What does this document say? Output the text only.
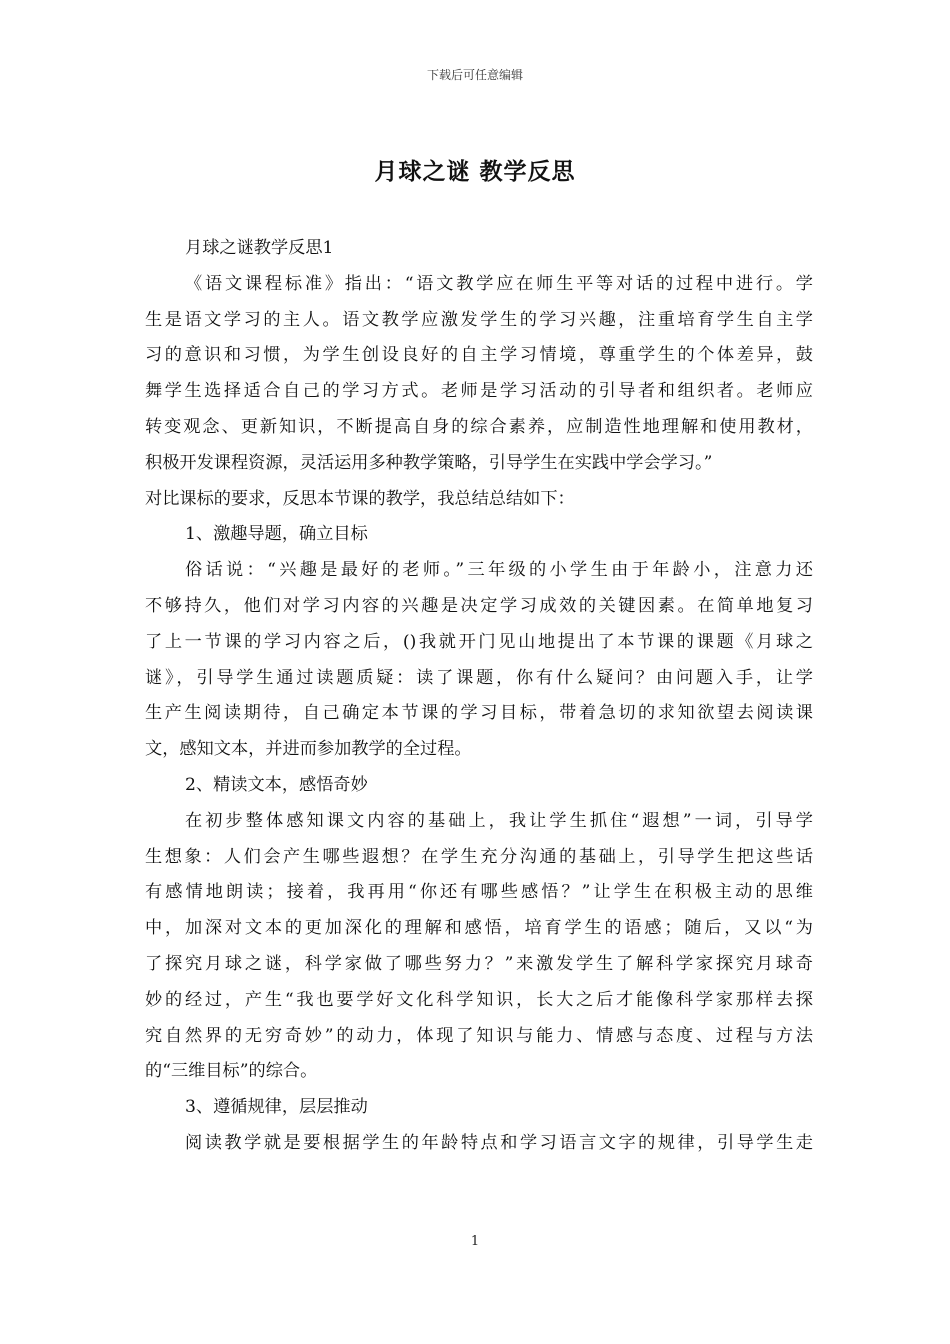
下载后可任意编辑
月球之谜 教学反思
月球之谜教学反思1
《语文课程标准》指出：“语文教学应在师生平等对话的过程中进行。学
生是语文学习的主人。语文教学应激发学生的学习兴趣，注重培育学生自主学
习的意识和习惯，为学生创设良好的自主学习情境，尊重学生的个体差异，鼓
舞学生选择适合自己的学习方式。老师是学习活动的引导者和组织者。老师应
转变观念、更新知识，不断提高自身的综合素养，应制造性地理解和使用教材，
积极开发课程资源，灵活运用多种教学策略，引导学生在实践中学会学习。”
对比课标的要求，反思本节课的教学，我总结总结如下：
1、激趣导题，确立目标
俗话说：“兴趣是最好的老师。”三年级的小学生由于年龄小，注意力还
不够持久，他们对学习内容的兴趣是决定学习成效的关键因素。在简单地复习
了上一节课的学习内容之后，()我就开门见山地提出了本节课的课题《月球之
谜》，引导学生通过读题质疑：读了课题，你有什么疑问？由问题入手，让学
生产生阅读期待，自己确定本节课的学习目标，带着急切的求知欲望去阅读课
文，感知文本，并进而参加教学的全过程。
2、精读文本，感悟奇妙
在初步整体感知课文内容的基础上，我让学生抓住“遐想”一词，引导学
生想象：人们会产生哪些遐想？在学生充分沟通的基础上，引导学生把这些话
有感情地朗读；接着，我再用“你还有哪些感悟？”让学生在积极主动的思维
中，加深对文本的更加深化的理解和感悟，培育学生的语感；随后，又以“为
了探究月球之谜，科学家做了哪些努力？”来激发学生了解科学家探究月球奇
妙的经过，产生“我也要学好文化科学知识，长大之后才能像科学家那样去探
究自然界的无穷奇妙”的动力，体现了知识与能力、情感与态度、过程与方法
的“三维目标”的综合。
3、遵循规律，层层推动
阅读教学就是要根据学生的年龄特点和学习语言文字的规律，引导学生走
1
